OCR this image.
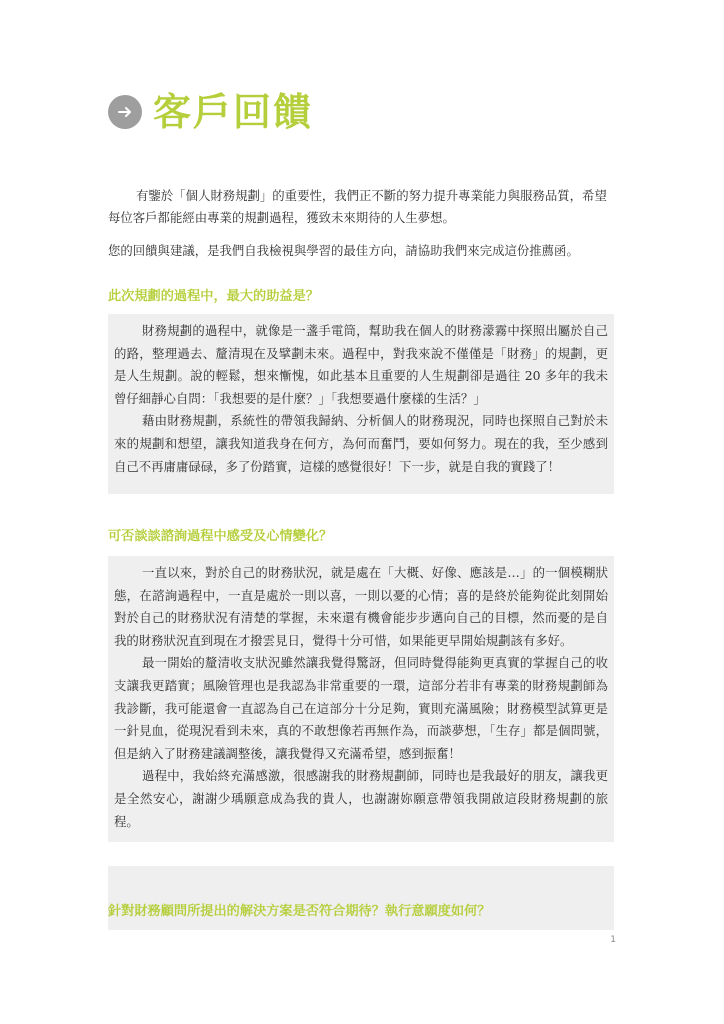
客戶回饋

有鑒於「個人財務規劃」的重要性，我們正不斷的努力提升專業能力與服務品質，希望每位客戶都能經由專業的規劃過程，獲致未來期待的人生夢想。

您的回饋與建議，是我們自我檢視與學習的最佳方向，請協助我們來完成這份推薦函。

此次規劃的過程中，最大的助益是？

財務規劃的過程中，就像是一盞手電筒，幫助我在個人的財務濛霧中探照出屬於自己的路，整理過去、釐清現在及擘劃未來。過程中，對我來說不僅僅是「財務」的規劃，更是人生規劃。說的輕鬆，想來慚愧，如此基本且重要的人生規劃卻是過往 20 多年的我未曾仔細靜心自問：「我想要的是什麼？」「我想要過什麼樣的生活？」

藉由財務規劃，系統性的帶領我歸納、分析個人的財務現況，同時也探照自己對於未來的規劃和想望，讓我知道我身在何方，為何而奮鬥，要如何努力。現在的我，至少感到自己不再庸庸碌碌，多了份踏實，這樣的感覺很好！下一步，就是自我的實踐了！

可否談談諮詢過程中感受及心情變化？

一直以來，對於自己的財務狀況，就是處在「大概、好像、應該是…」的一個模糊狀態，在諮詢過程中，一直是處於一則以喜，一則以憂的心情；喜的是終於能夠從此刻開始對於自己的財務狀況有清楚的掌握，未來還有機會能步步邁向自己的目標，然而憂的是自我的財務狀況直到現在才撥雲見日，覺得十分可惜，如果能更早開始規劃該有多好。

最一開始的釐清收支狀況雖然讓我覺得驚訝，但同時覺得能夠更真實的掌握自己的收支讓我更踏實；風險管理也是我認為非常重要的一環，這部分若非有專業的財務規劃師為我診斷，我可能還會一直認為自己在這部分十分足夠，實則充滿風險；財務模型試算更是一針見血，從現況看到未來，真的不敢想像若再無作為，而談夢想，「生存」都是個問號，但是納入了財務建議調整後，讓我覺得又充滿希望，感到振奮！

過程中，我始終充滿感激，很感謝我的財務規劃師，同時也是我最好的朋友，讓我更是全然安心，謝謝少瑀願意成為我的貴人，也謝謝妳願意帶領我開啟這段財務規劃的旅程。

針對財務顧問所提出的解決方案是否符合期待？執行意願度如何？
1
